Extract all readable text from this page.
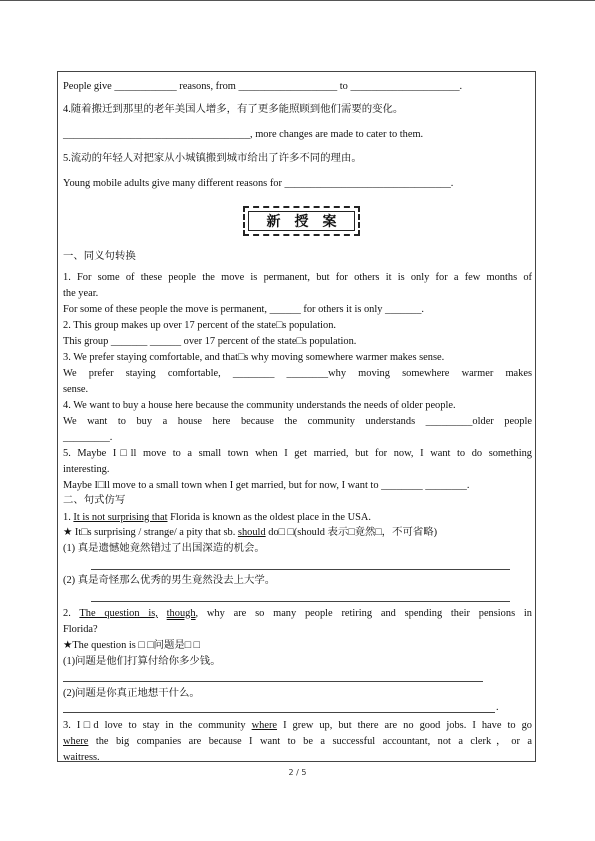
People give ____________ reasons, from ___________________ to _____________________.
4.随着搬迁到那里的老年美国人增多，有了更多能照顾到他们需要的变化。
____________________________________, more changes are made to cater to them.
5.流动的年轻人对把家从小城镇搬到城市给出了许多不同的理由。
Young mobile adults give many different reasons for ________________________________.
新授案
一、同义句转换
1. For some of these people the move is permanent, but for others it is only for a few months of
the year.
For some of these people the move is permanent, ______ for others it is only _______.
2. This group makes up over 17 percent of the state□s population.
This group _______ ______ over 17 percent of the state□s population.
3. We prefer staying comfortable, and that□s why moving somewhere warmer makes sense.
We prefer staying comfortable, ________ ________why moving somewhere warmer makes
sense.
4. We want to buy a house here because the community understands the needs of older people.
We want to buy a house here because the community understands _________older people
_________.
5. Maybe I□ll move to a small town when I get married, but for now, I want to do something
interesting.
Maybe I□ll move to a small town when I get married, but for now, I want to ________ ________.
二、句式仿写
1. It is not surprising that Florida is known as the oldest place in the USA.
★ It□s surprising / strange/ a pity that sb. should do□ □(should 表示□竟然□，不可省略)
(1) 真是遗憾她竟然错过了出国深造的机会。
(2) 真是奇怪那么优秀的男生竟然没去上大学。
2. The question is, though, why are so many people retiring and spending their pensions in
Florida?
★The question is □ □问题是□ □
(1)问题是他们打算付给你多少钱。
(2)问题是你真正地想干什么。
.
3. I□d love to stay in the community where I grew up, but there are no good jobs. I have to go
where the big companies are because I want to be a successful accountant, not a clerk，or a
waitress.
2 / 5
